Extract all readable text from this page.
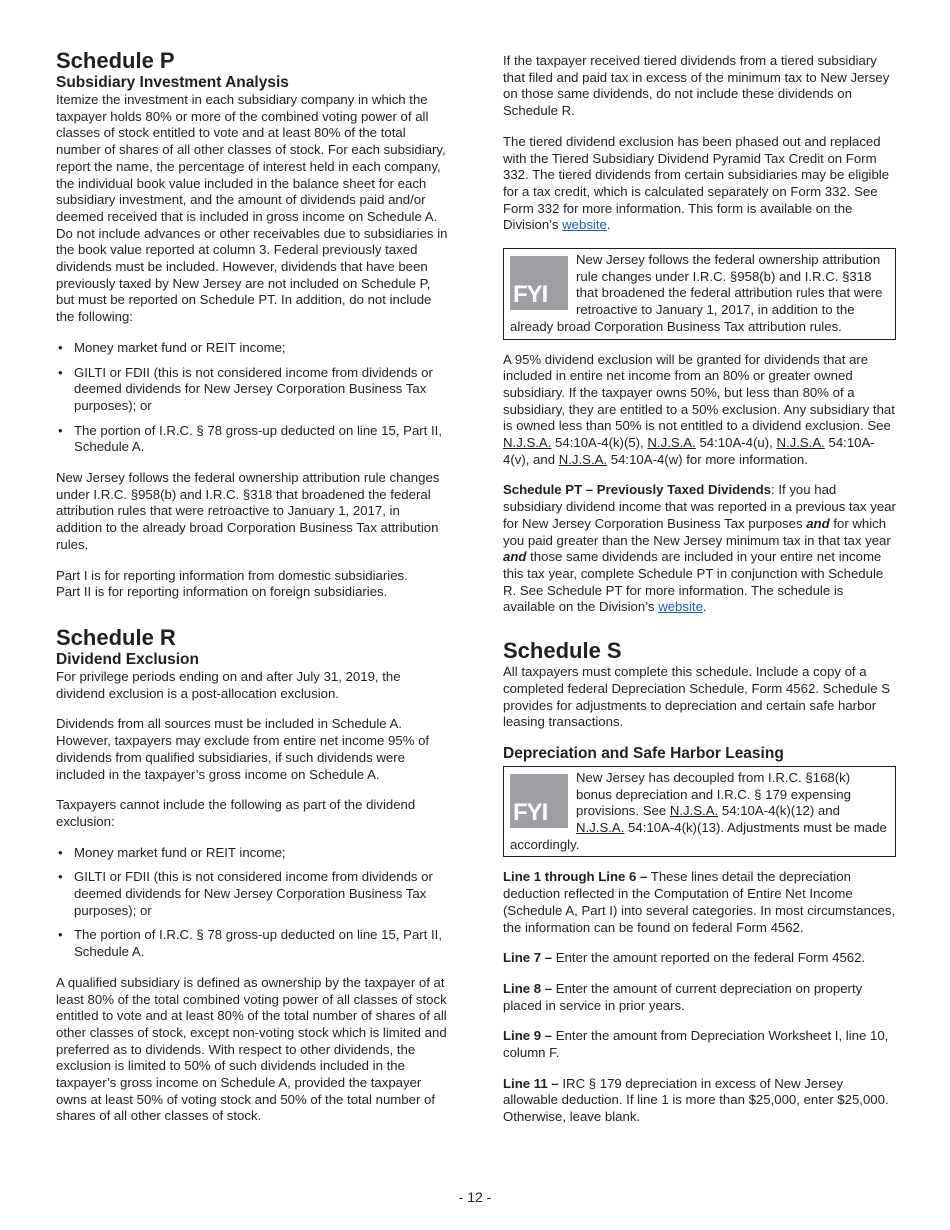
Schedule P
Subsidiary Investment Analysis

Itemize the investment in each subsidiary company in which the taxpayer holds 80% or more of the combined voting power of all classes of stock entitled to vote and at least 80% of the total number of shares of all other classes of stock. For each subsidiary, report the name, the percentage of interest held in each company, the individual book value included in the balance sheet for each subsidiary investment, and the amount of dividends paid and/or deemed received that is included in gross income on Schedule A. Do not include advances or other receivables due to subsidiaries in the book value reported at column 3. Federal previously taxed dividends must be included. However, dividends that have been previously taxed by New Jersey are not included on Schedule P, but must be reported on Schedule PT. In addition, do not include the following:

• Money market fund or REIT income;
• GILTI or FDII (this is not considered income from dividends or deemed dividends for New Jersey Corporation Business Tax purposes); or
• The portion of I.R.C. § 78 gross-up deducted on line 15, Part II, Schedule A.

New Jersey follows the federal ownership attribution rule changes under I.R.C. §958(b) and I.R.C. §318 that broadened the federal attribution rules that were retroactive to January 1, 2017, in addition to the already broad Corporation Business Tax attribution rules.

Part I is for reporting information from domestic subsidiaries.
Part II is for reporting information on foreign subsidiaries.

Schedule R
Dividend Exclusion

For privilege periods ending on and after July 31, 2019, the dividend exclusion is a post-allocation exclusion.

Dividends from all sources must be included in Schedule A. However, taxpayers may exclude from entire net income 95% of dividends from qualified subsidiaries, if such dividends were included in the taxpayer’s gross income on Schedule A.

Taxpayers cannot include the following as part of the dividend exclusion:

• Money market fund or REIT income;
• GILTI or FDII (this is not considered income from dividends or deemed dividends for New Jersey Corporation Business Tax purposes); or
• The portion of I.R.C. § 78 gross-up deducted on line 15, Part II, Schedule A.

A qualified subsidiary is defined as ownership by the taxpayer of at least 80% of the total combined voting power of all classes of stock entitled to vote and at least 80% of the total number of shares of all other classes of stock, except non-voting stock which is limited and preferred as to dividends. With respect to other dividends, the exclusion is limited to 50% of such dividends included in the taxpayer’s gross income on Schedule A, provided the taxpayer owns at least 50% of voting stock and 50% of the total number of shares of all other classes of stock.

If the taxpayer received tiered dividends from a tiered subsidiary that filed and paid tax in excess of the minimum tax to New Jersey on those same dividends, do not include these dividends on Schedule R.

The tiered dividend exclusion has been phased out and replaced with the Tiered Subsidiary Dividend Pyramid Tax Credit on Form 332. The tiered dividends from certain subsidiaries may be eligible for a tax credit, which is calculated separately on Form 332. See Form 332 for more information. This form is available on the Division’s website.

FYI
New Jersey follows the federal ownership attribution rule changes under I.R.C. §958(b) and I.R.C. §318 that broadened the federal attribution rules that were retroactive to January 1, 2017, in addition to the already broad Corporation Business Tax attribution rules.

A 95% dividend exclusion will be granted for dividends that are included in entire net income from an 80% or greater owned subsidiary. If the taxpayer owns 50%, but less than 80% of a subsidiary, they are entitled to a 50% exclusion. Any subsidiary that is owned less than 50% is not entitled to a dividend exclusion. See N.J.S.A. 54:10A-4(k)(5), N.J.S.A. 54:10A-4(u), N.J.S.A. 54:10A-4(v), and N.J.S.A. 54:10A-4(w) for more information.

Schedule PT – Previously Taxed Dividends: If you had subsidiary dividend income that was reported in a previous tax year for New Jersey Corporation Business Tax purposes and for which you paid greater than the New Jersey minimum tax in that tax year and those same dividends are included in your entire net income this tax year, complete Schedule PT in conjunction with Schedule R. See Schedule PT for more information. The schedule is available on the Division’s website.

Schedule S

All taxpayers must complete this schedule. Include a copy of a completed federal Depreciation Schedule, Form 4562. Schedule S provides for adjustments to depreciation and certain safe harbor leasing transactions.

Depreciation and Safe Harbor Leasing
FYI
New Jersey has decoupled from I.R.C. §168(k) bonus depreciation and I.R.C. § 179 expensing provisions. See N.J.S.A. 54:10A-4(k)(12) and N.J.S.A. 54:10A-4(k)(13). Adjustments must be made accordingly.

Line 1 through Line 6 – These lines detail the depreciation deduction reflected in the Computation of Entire Net Income (Schedule A, Part I) into several categories. In most circumstances, the information can be found on federal Form 4562.

Line 7 – Enter the amount reported on the federal Form 4562.

Line 8 – Enter the amount of current depreciation on property placed in service in prior years.

Line 9 – Enter the amount from Depreciation Worksheet I, line 10, column F.

Line 11 – IRC § 179 depreciation in excess of New Jersey allowable deduction. If line 1 is more than $25,000, enter $25,000. Otherwise, leave blank.

- 12 -
